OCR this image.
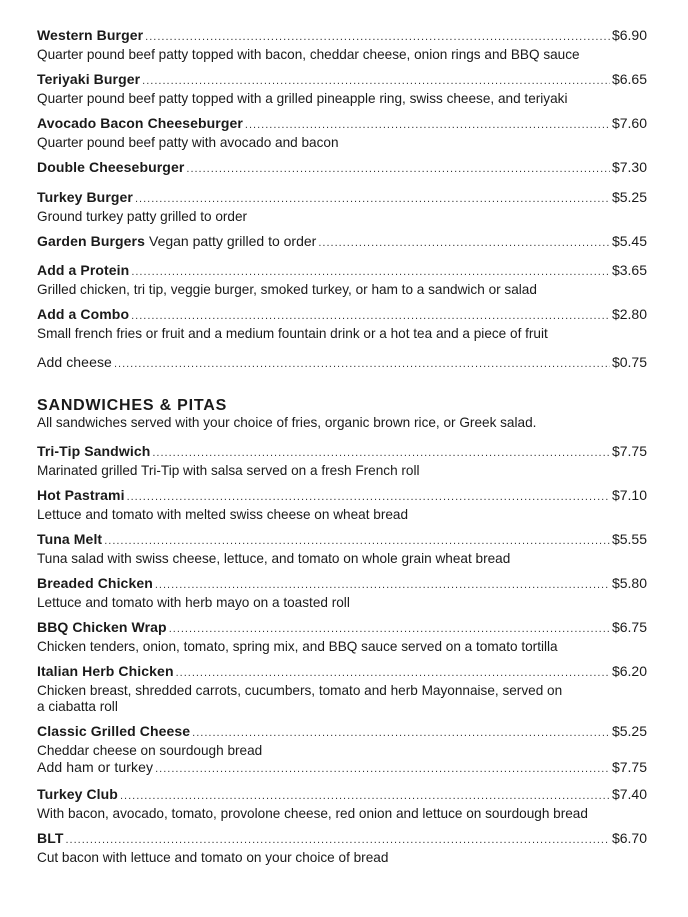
Western Burger .....	$6.90
Quarter pound beef patty topped with bacon, cheddar cheese, onion rings and BBQ sauce
Teriyaki Burger .....	$6.65
Quarter pound beef patty topped with a grilled pineapple ring, swiss cheese, and teriyaki
Avocado Bacon Cheeseburger .....	$7.60
Quarter pound beef patty with avocado and bacon
Double Cheeseburger .....	$7.30
Turkey Burger .....	$5.25
Ground turkey patty grilled to order
Garden Burgers Vegan patty grilled to order .....	$5.45
Add a Protein .....	$3.65
Grilled chicken, tri tip, veggie burger, smoked turkey, or ham to a sandwich or salad
Add a Combo .....	$2.80
Small french fries or fruit and a medium fountain drink or a hot tea and a piece of fruit
Add cheese .....	$0.75
SANDWICHES & PITAS
All sandwiches served with your choice of fries, organic brown rice, or Greek salad.
Tri-Tip Sandwich .....	$7.75
Marinated grilled Tri-Tip with salsa served on a fresh French roll
Hot Pastrami .....	$7.10
Lettuce and tomato with melted swiss cheese on wheat bread
Tuna Melt .....	$5.55
Tuna salad with swiss cheese, lettuce, and tomato on whole grain wheat bread
Breaded Chicken .....	$5.80
Lettuce and tomato with herb mayo on a toasted roll
BBQ Chicken Wrap .....	$6.75
Chicken tenders, onion, tomato, spring mix, and BBQ sauce served on a tomato tortilla
Italian Herb Chicken .....	$6.20
Chicken breast, shredded carrots, cucumbers, tomato and herb Mayonnaise, served on
a ciabatta roll
Classic Grilled Cheese .....	$5.25
Cheddar cheese on sourdough bread
Add ham or turkey .....	$7.75
Turkey Club .....	$7.40
With bacon, avocado, tomato, provolone cheese, red onion and lettuce on sourdough bread
BLT .....	$6.70
Cut bacon with lettuce and tomato on your choice of bread
